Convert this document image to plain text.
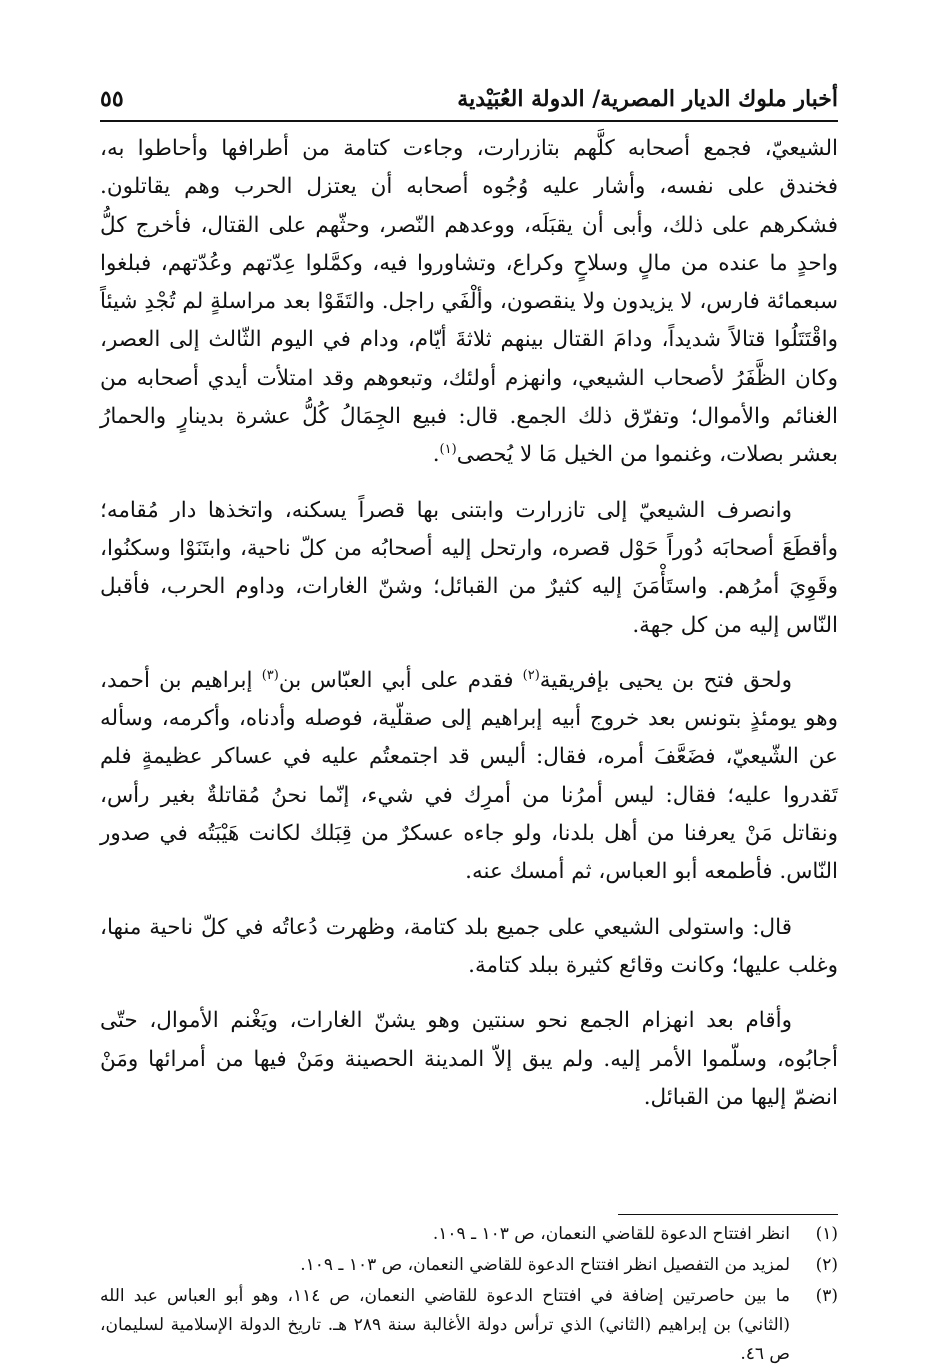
أخبار ملوك الديار المصرية/ الدولة العُبَيْدية
٥٥

الشيعيّ، فجمع أصحابه كلَّهم بتازرارت، وجاءت كتامة من أطرافها وأحاطوا به، فخندق على نفسه، وأشار عليه وُجُوه أصحابه أن يعتزل الحرب وهم يقاتلون. فشكرهم على ذلك، وأبى أن يقبَلَه، ووعدهم النّصر، وحثّهم على القتال، فأخرج كلُّ واحدٍ ما عنده من مالٍ وسلاحٍ وكراع، وتشاوروا فيه، وكمَّلوا عِدّتهم وعُدّتهم، فبلغوا سبعمائة فارس، لا يزيدون ولا ينقصون، وألْفَي راجل. والتَقَوْا بعد مراسلةٍ لم تُجْدِ شيئاً واقْتَتَلُوا قتالاً شديداً، ودامَ القتال بينهم ثلاثةَ أيّام، ودام في اليوم الثّالث إلى العصر، وكان الظَّفَرُ لأصحاب الشيعي، وانهزم أولئك، وتبعوهم وقد امتلأت أيدي أصحابه من الغنائم والأموال؛ وتفرّق ذلك الجمع. قال: فبيع الجِمَالُ كُلُّ عشرة بدينارٍ والحمارُ بعشر بصلات، وغنموا من الخيل مَا لا يُحصى$^{(١)}$.

وانصرف الشيعيّ إلى تازرارت وابتنى بها قصراً يسكنه، واتخذها دار مُقامه؛ وأقطَعَ أصحابَه دُوراً حَوْل قصره، وارتحل إليه أصحابُه من كلّ ناحية، وابتَنَوْا وسكنُوا، وقَوِيَ أمرُهم. واستَأْمَنَ إليه كثيرٌ من القبائل؛ وشنّ الغارات، وداوم الحرب، فأقبل النّاس إليه من كل جهة.

ولحق فتح بن يحيى بإفريقية$^{(٢)}$ فقدم على أبي العبّاس بن$^{(٣)}$ إبراهيم بن أحمد، وهو يومئذٍ بتونس بعد خروج أبيه إبراهيم إلى صقلّية، فوصله وأدناه، وأكرمه، وسأله عن الشّيعيّ، فضَعَّفَ أمره، فقال: أليس قد اجتمعتُم عليه في عساكر عظيمةٍ فلم تَقدروا عليه؛ فقال: ليس أمرُنا من أمرِك في شيء، إنّما نحنُ مُقاتلةٌ بغير رأس، ونقاتل مَنْ يعرفنا من أهل بلدنا، ولو جاءه عسكرٌ من قِبَلك لكانت هَيْبَتُه في صدور النّاس. فأطمعه أبو العباس، ثم أمسك عنه.

قال: واستولى الشيعي على جميع بلد كتامة، وظهرت دُعاتُه في كلّ ناحية منها، وغلب عليها؛ وكانت وقائع كثيرة ببلد كتامة.

وأقام بعد انهزام الجمع نحو سنتين وهو يشنّ الغارات، ويَغْنم الأموال، حتّى أجابُوه، وسلّموا الأمر إليه. ولم يبق إلاّ المدينة الحصينة ومَنْ فيها من أمرائها ومَنْ انضمّ إليها من القبائل.

(١)
انظر افتتاح الدعوة للقاضي النعمان، ص ١٠٣ ـ ١٠٩.
(٢)
لمزيد من التفصيل انظر افتتاح الدعوة للقاضي النعمان، ص ١٠٣ ـ ١٠٩.
(٣)
ما بين حاصرتين إضافة في افتتاح الدعوة للقاضي النعمان، ص ١١٤، وهو أبو العباس عبد الله (الثاني) بن إبراهيم (الثاني) الذي ترأس دولة الأغالبة سنة ٢٨٩ هـ. تاريخ الدولة الإسلامية لسليمان، ص ٤٦.
